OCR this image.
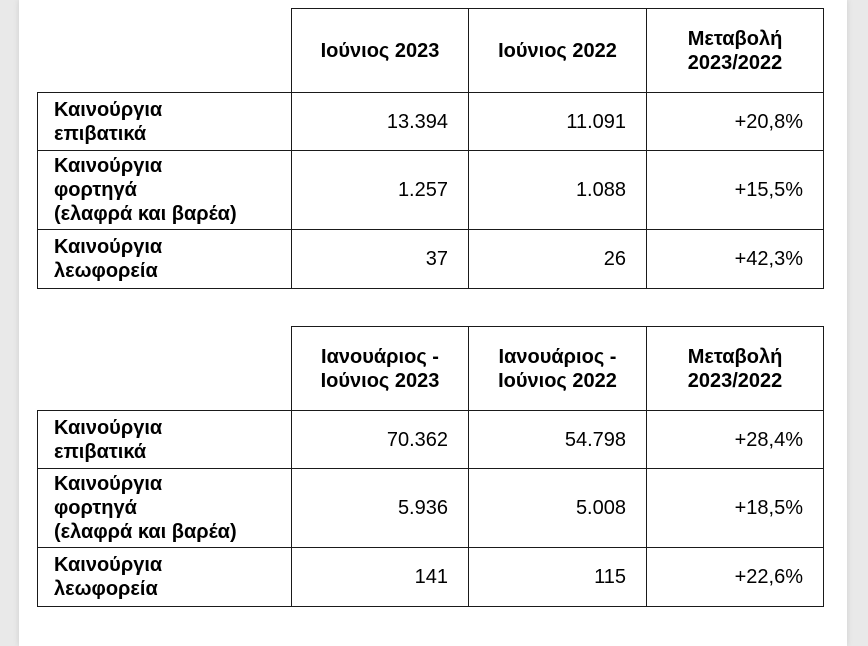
	Ιούνιος 2023	Ιούνιος 2022	Μεταβολή
2023/2022

Καινούργια
επιβατικά	13.394	11.091	+20,8%

Καινούργια
φορτηγά
(ελαφρά και βαρέα)	1.257	1.088	+15,5%

Καινούργια
λεωφορεία	37	26	+42,3%

	Ιανουάριος -
Ιούνιος 2023	Ιανουάριος -
Ιούνιος 2022	Μεταβολή
2023/2022

Καινούργια
επιβατικά	70.362	54.798	+28,4%

Καινούργια
φορτηγά
(ελαφρά και βαρέα)	5.936	5.008	+18,5%

Καινούργια
λεωφορεία	141	115	+22,6%
